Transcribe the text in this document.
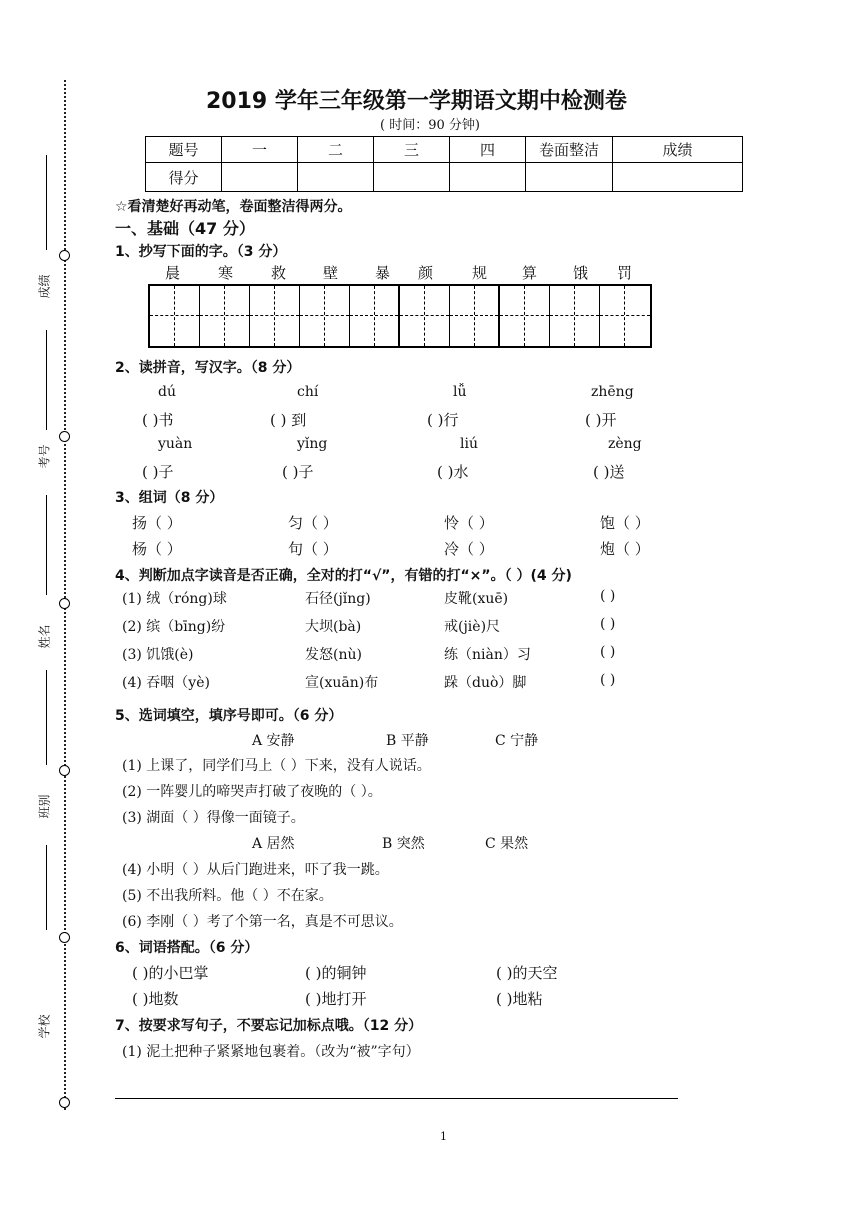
成绩
考号
姓名
班别
学校
2019 学年三年级第一学期语文期中检测卷
( 时间：90 分钟)
题号	一	二	三	四	卷面整洁	成绩
得分						
☆看清楚好再动笔，卷面整洁得两分。
一、基础（47 分）
1、抄写下面的字。（3 分）
晨	寒	救 壁 暴 颜	规 算 饿 罚
2、读拼音，写汉字。（8 分）
dú	chí	lǚ	zhēng
( )书	( ) 到	( )行	( )开
yuàn	yǐng	liú	zèng
( )子	( )子	( )水	( )送
3、组词（8 分）
扬（ ）	匀（ ）	怜（ ）	饱（ ）
杨（ ）	句（ ）	冷（ ）	炮（ ）
4、判断加点字读音是否正确，全对的打“√”，有错的打“×”。（ ）(4 分)
(1) 绒（róng)球	石径(jǐng)	皮靴(xuē)	( )
(2) 缤（bīng)纷	大坝(bà)	戒(jiè)尺	( )
(3) 饥饿(è)	发怒(nù)	练（niàn）习	( )
(4) 吞咽（yè)	宣(xuān)布	跺（duò）脚	( )
5、选词填空，填序号即可。（6 分）
A 安静	B 平静	C 宁静
(1) 上课了，同学们马上（ ）下来，没有人说话。
(2) 一阵婴儿的啼哭声打破了夜晚的（ ）。
(3) 湖面（ ）得像一面镜子。
A 居然	B 突然	C 果然
(4) 小明（ ）从后门跑进来，吓了我一跳。
(5) 不出我所料。他（ ）不在家。
(6) 李刚（ ）考了个第一名，真是不可思议。
6、词语搭配。（6 分）
( )的小巴掌	( )的铜钟	( )的天空
( )地数	( )地打开	( )地粘
7、按要求写句子，不要忘记加标点哦。（12 分）
(1) 泥土把种子紧紧地包裹着。（改为“被”字句）
1
